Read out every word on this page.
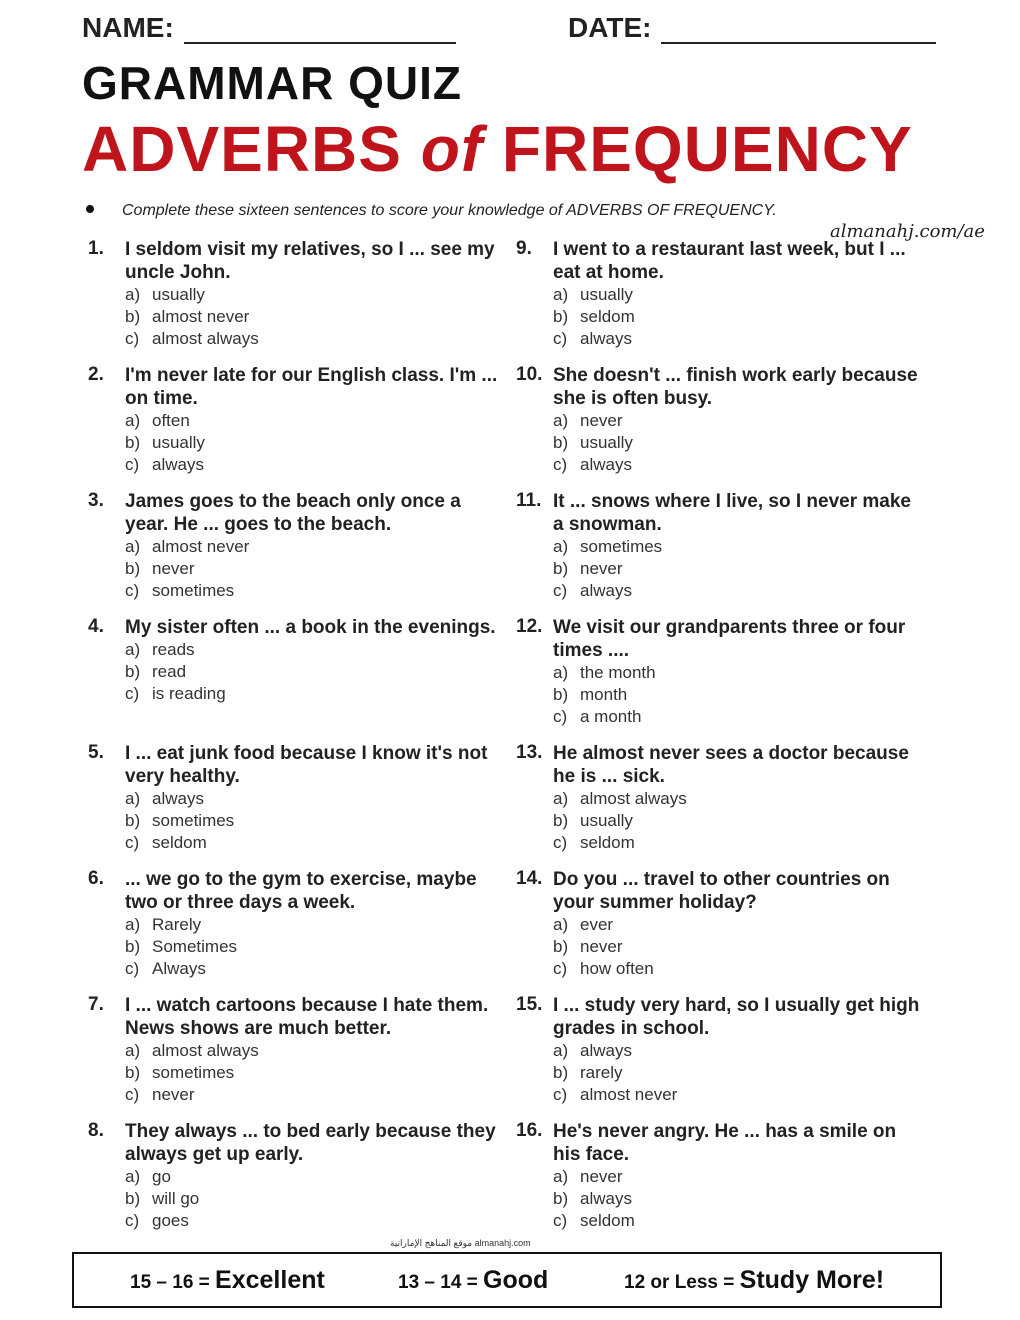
NAME:	DATE:
GRAMMAR QUIZ
ADVERBS of FREQUENCY
Complete these sixteen sentences to score your knowledge of ADVERBS OF FREQUENCY.
almanahj.com/ae
1.	I seldom visit my relatives, so I ... see my uncle John.
a) usually
b) almost never
c) almost always
2.	I'm never late for our English class. I'm ... on time.
a) often
b) usually
c) always
3.	James goes to the beach only once a year. He ... goes to the beach.
a) almost never
b) never
c) sometimes
4.	My sister often ... a book in the evenings.
a) reads
b) read
c) is reading
5.	I ... eat junk food because I know it's not very healthy.
a) always
b) sometimes
c) seldom
6.	... we go to the gym to exercise, maybe two or three days a week.
a) Rarely
b) Sometimes
c) Always
7.	I ... watch cartoons because I hate them. News shows are much better.
a) almost always
b) sometimes
c) never
8.	They always ... to bed early because they always get up early.
a) go
b) will go
c) goes
9.	I went to a restaurant last week, but I ... eat at home.
a) usually
b) seldom
c) always
10. She doesn't ... finish work early because she is often busy.
a) never
b) usually
c) always
11. It ... snows where I live, so I never make a snowman.
a) sometimes
b) never
c) always
12. We visit our grandparents three or four times ....
a) the month
b) month
c) a month
13. He almost never sees a doctor because he is ... sick.
a) almost always
b) usually
c) seldom
14. Do you ... travel to other countries on your summer holiday?
a) ever
b) never
c) how often
15. I ... study very hard, so I usually get high grades in school.
a) always
b) rarely
c) almost never
16. He's never angry. He ... has a smile on his face.
a) never
b) always
c) seldom
موقع المناهج الإماراتية almanahj.com
15 – 16 = Excellent	13 – 14 = Good	12 or Less = Study More!
